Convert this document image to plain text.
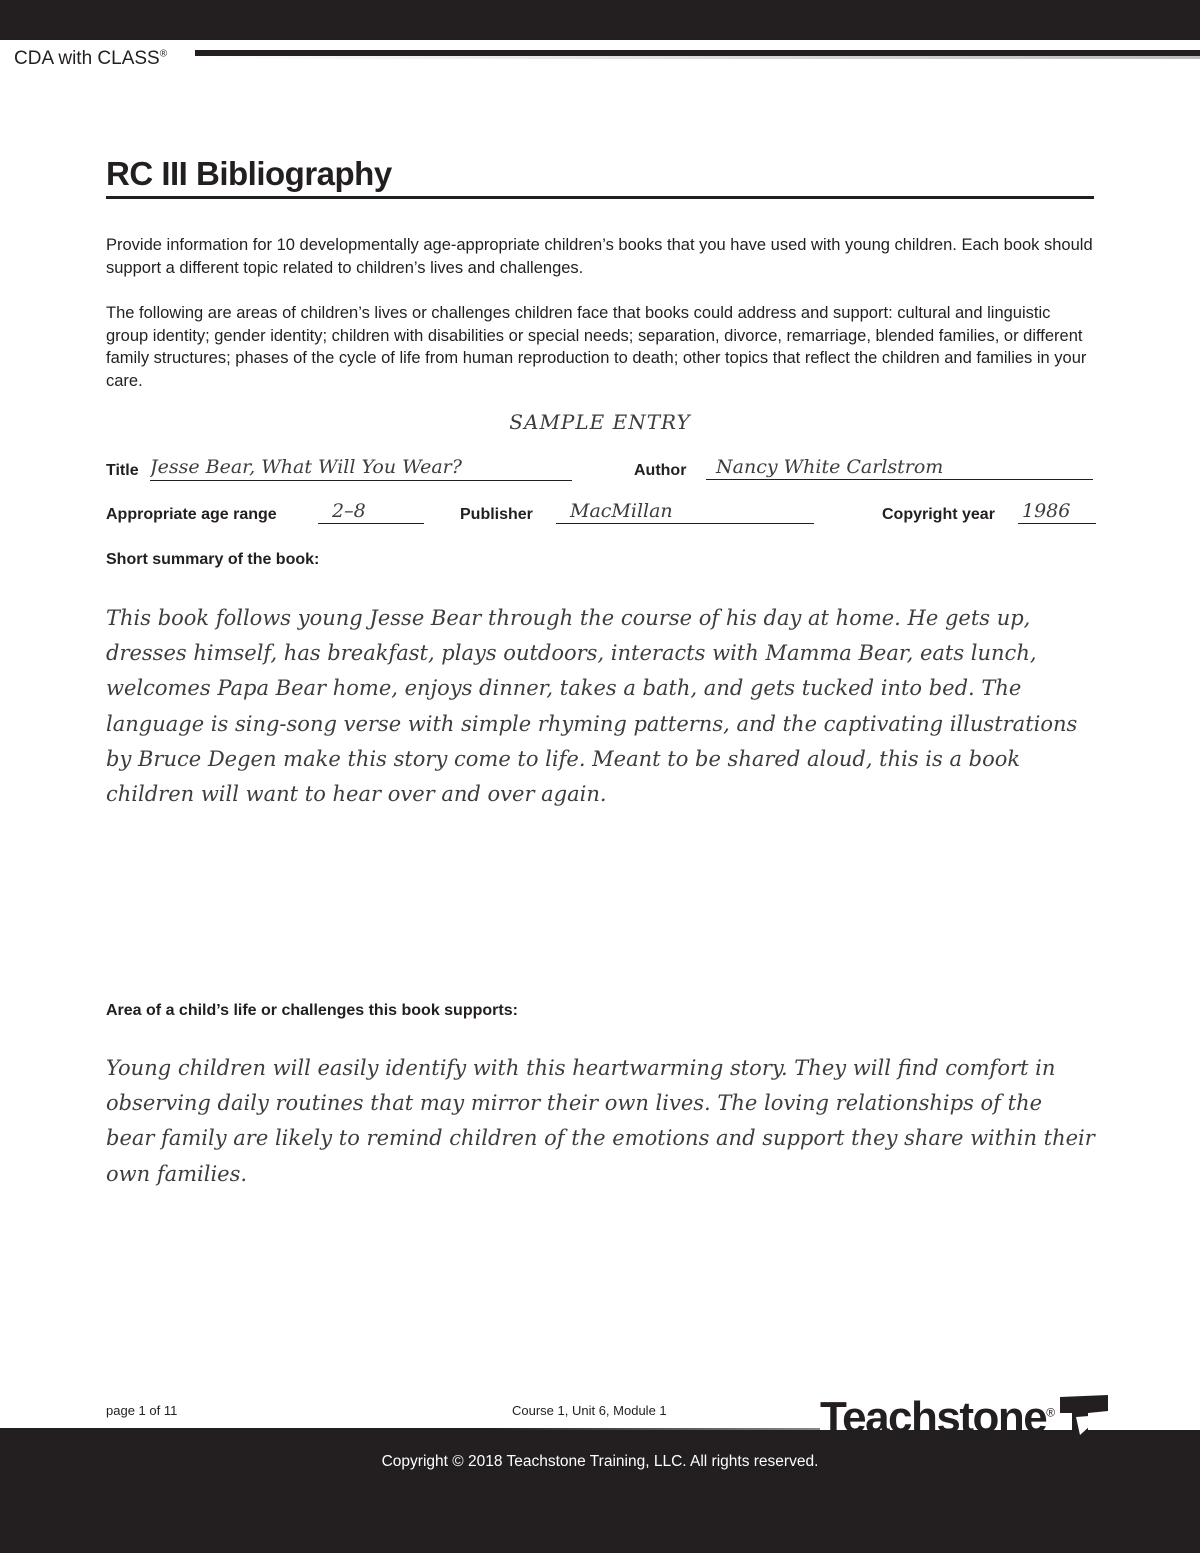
CDA with CLASS®
RC III Bibliography

Provide information for 10 developmentally age-appropriate children’s books that you have used with young children. Each book should support a different topic related to children’s lives and challenges.

The following are areas of children’s lives or challenges children face that books could address and support: cultural and linguistic group identity; gender identity; children with disabilities or special needs; separation, divorce, remarriage, blended families, or different family structures; phases of the cycle of life from human reproduction to death; other topics that reflect the children and families in your care.

SAMPLE ENTRY
Title Jesse Bear, What Will You Wear?	Author	Nancy White Carlstrom
Appropriate age range	2–8	Publisher	MacMillan	Copyright year 1986
Short summary of the book:

This book follows young Jesse Bear through the course of his day at home. He gets up, dresses himself, has breakfast, plays outdoors, interacts with Mamma Bear, eats lunch, welcomes Papa Bear home, enjoys dinner, takes a bath, and gets tucked into bed. The language is sing-song verse with simple rhyming patterns, and the captivating illustrations by Bruce Degen make this story come to life. Meant to be shared aloud, this is a book children will want to hear over and over again.

Area of a child’s life or challenges this book supports:

Young children will easily identify with this heartwarming story. They will find comfort in observing daily routines that may mirror their own lives. The loving relationships of the bear family are likely to remind children of the emotions and support they share within their own families.

page 1 of 11	Course 1, Unit 6, Module 1	Teachstone®
Copyright © 2018 Teachstone Training, LLC. All rights reserved.
